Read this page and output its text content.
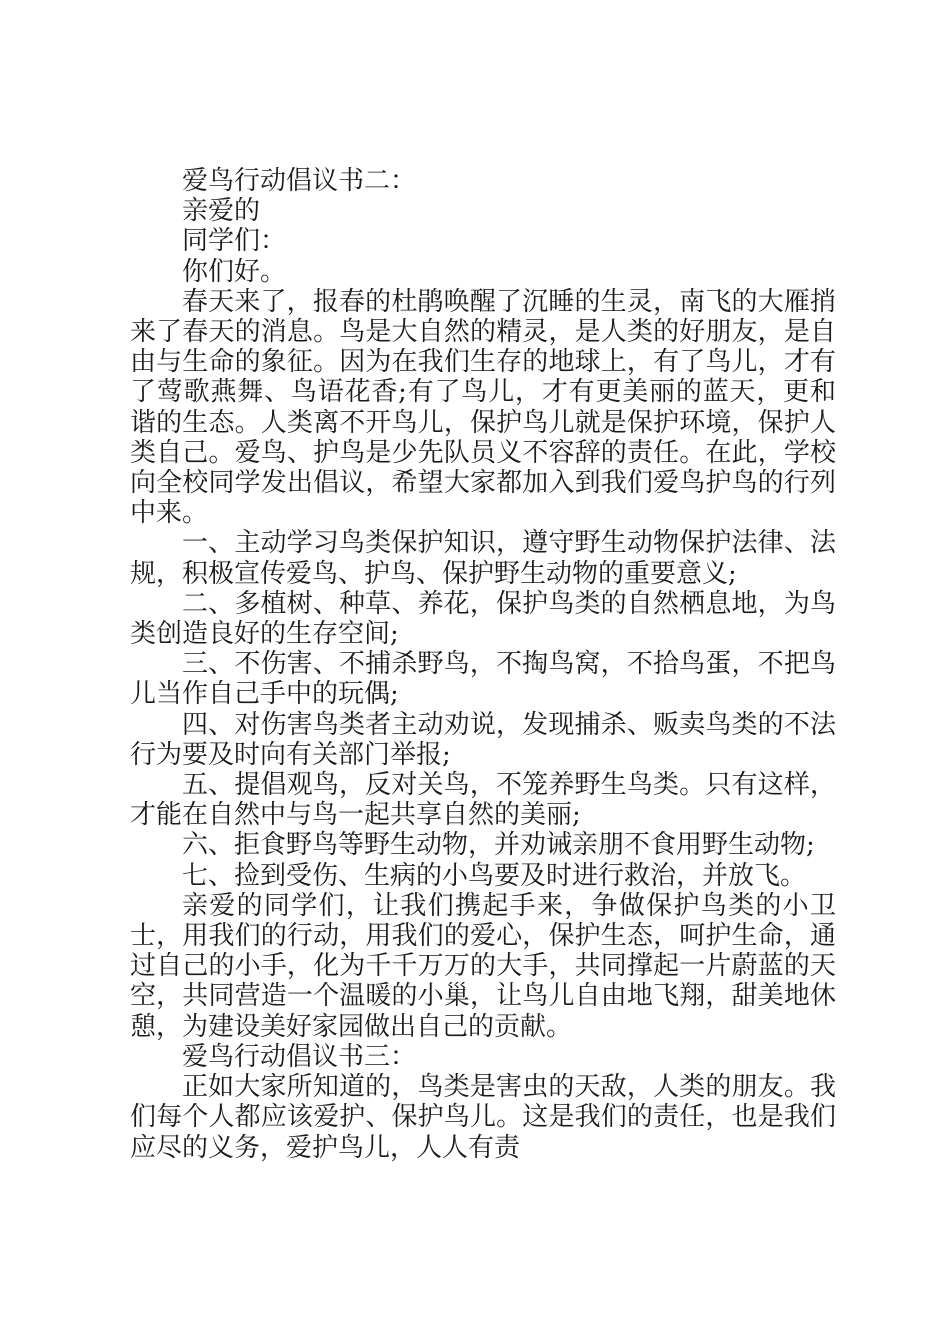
爱鸟行动倡议书二：

亲爱的

同学们：

你们好。

春天来了，报春的杜鹃唤醒了沉睡的生灵，南飞的大雁捎来了春天的消息。鸟是大自然的精灵，是人类的好朋友，是自由与生命的象征。因为在我们生存的地球上，有了鸟儿，才有了莺歌燕舞、鸟语花香;有了鸟儿，才有更美丽的蓝天，更和谐的生态。人类离不开鸟儿，保护鸟儿就是保护环境，保护人类自己。爱鸟、护鸟是少先队员义不容辞的责任。在此，学校向全校同学发出倡议，希望大家都加入到我们爱鸟护鸟的行列中来。

一、主动学习鸟类保护知识，遵守野生动物保护法律、法规，积极宣传爱鸟、护鸟、保护野生动物的重要意义;

二、多植树、种草、养花，保护鸟类的自然栖息地，为鸟类创造良好的生存空间;

三、不伤害、不捕杀野鸟，不掏鸟窝，不拾鸟蛋，不把鸟儿当作自己手中的玩偶;

四、对伤害鸟类者主动劝说，发现捕杀、贩卖鸟类的不法行为要及时向有关部门举报;

五、提倡观鸟，反对关鸟，不笼养野生鸟类。只有这样，才能在自然中与鸟一起共享自然的美丽;

六、拒食野鸟等野生动物，并劝诫亲朋不食用野生动物;

七、捡到受伤、生病的小鸟要及时进行救治，并放飞。

亲爱的同学们，让我们携起手来，争做保护鸟类的小卫士，用我们的行动，用我们的爱心，保护生态，呵护生命，通过自己的小手，化为千千万万的大手，共同撑起一片蔚蓝的天空，共同营造一个温暖的小巢，让鸟儿自由地飞翔，甜美地休憩，为建设美好家园做出自己的贡献。

爱鸟行动倡议书三：

正如大家所知道的，鸟类是害虫的天敌，人类的朋友。我们每个人都应该爱护、保护鸟儿。这是我们的责任，也是我们应尽的义务，爱护鸟儿，人人有责
